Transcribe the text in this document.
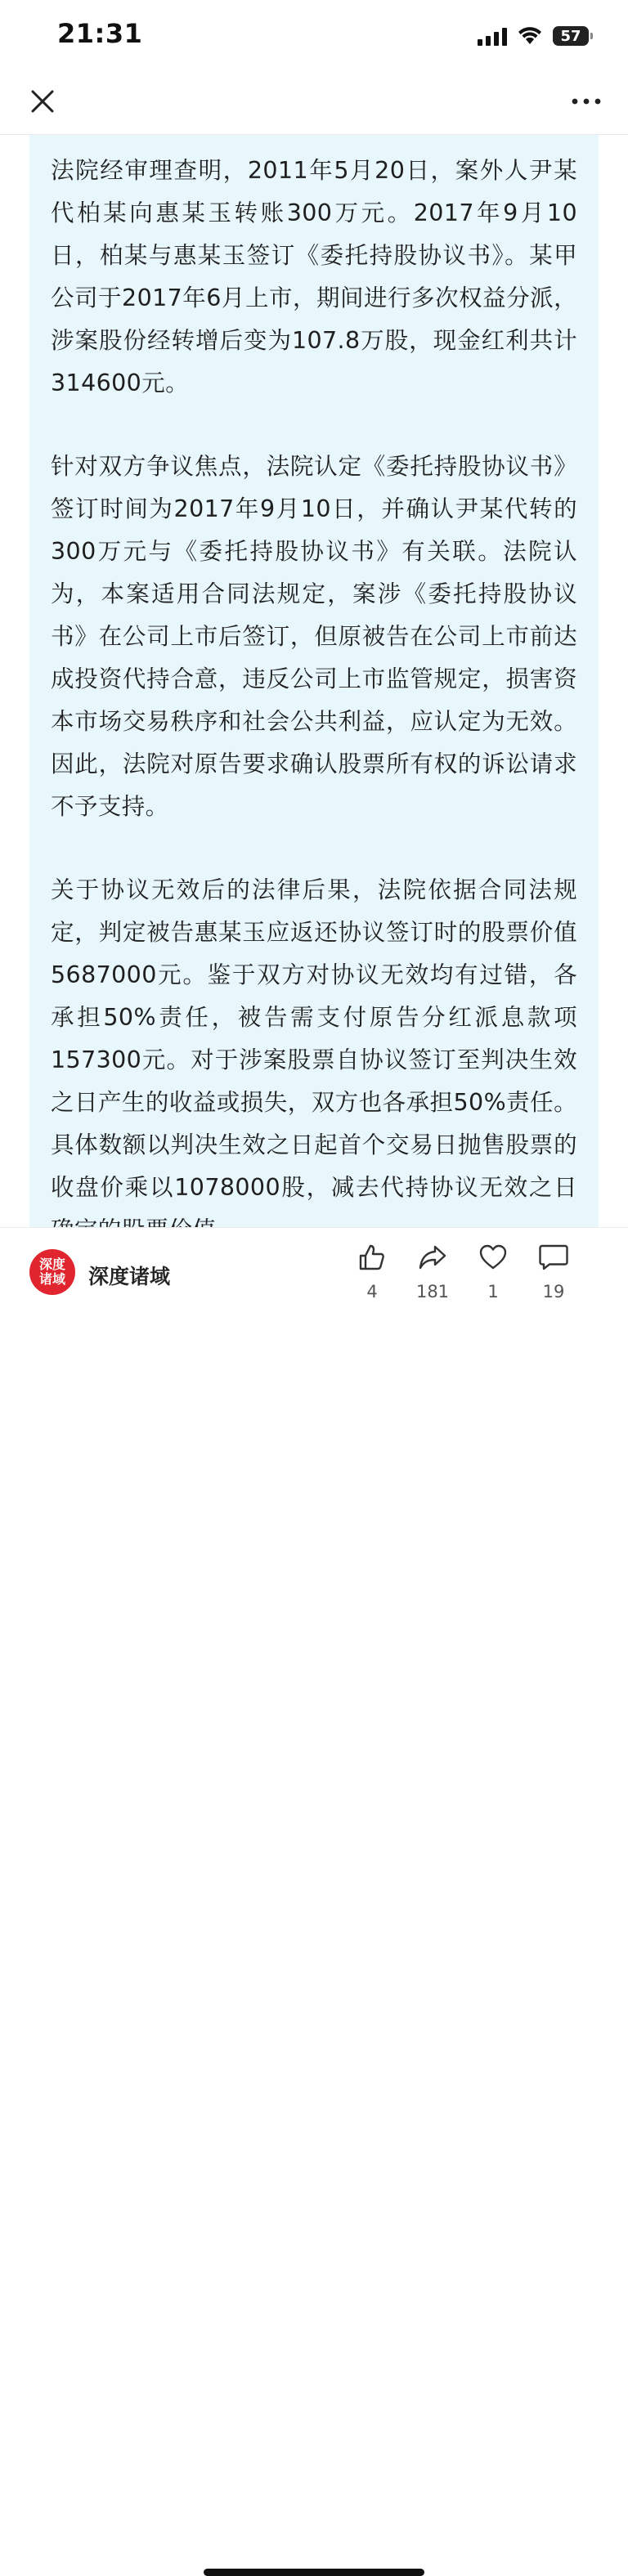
21:31	57

法院经审理查明，2011年5月20日，案外人尹某代柏某向惠某玉转账300万元。2017年9月10日，柏某与惠某玉签订《委托持股协议书》。某甲公司于2017年6月上市，期间进行多次权益分派，涉案股份经转增后变为107.8万股，现金红利共计314600元。

针对双方争议焦点，法院认定《委托持股协议书》签订时间为2017年9月10日，并确认尹某代转的300万元与《委托持股协议书》有关联。法院认为，本案适用合同法规定，案涉《委托持股协议书》在公司上市后签订，但原被告在公司上市前达成投资代持合意，违反公司上市监管规定，损害资本市场交易秩序和社会公共利益，应认定为无效。因此，法院对原告要求确认股票所有权的诉讼请求不予支持。

关于协议无效后的法律后果，法院依据合同法规定，判定被告惠某玉应返还协议签订时的股票价值5687000元。鉴于双方对协议无效均有过错，各承担50%责任，被告需支付原告分红派息款项157300元。对于涉案股票自协议签订至判决生效之日产生的收益或损失，双方也各承担50%责任。具体数额以判决生效之日起首个交易日抛售股票的收盘价乘以1078000股，减去代持协议无效之日

深度诸域 深度诸域
4 181 1	19
